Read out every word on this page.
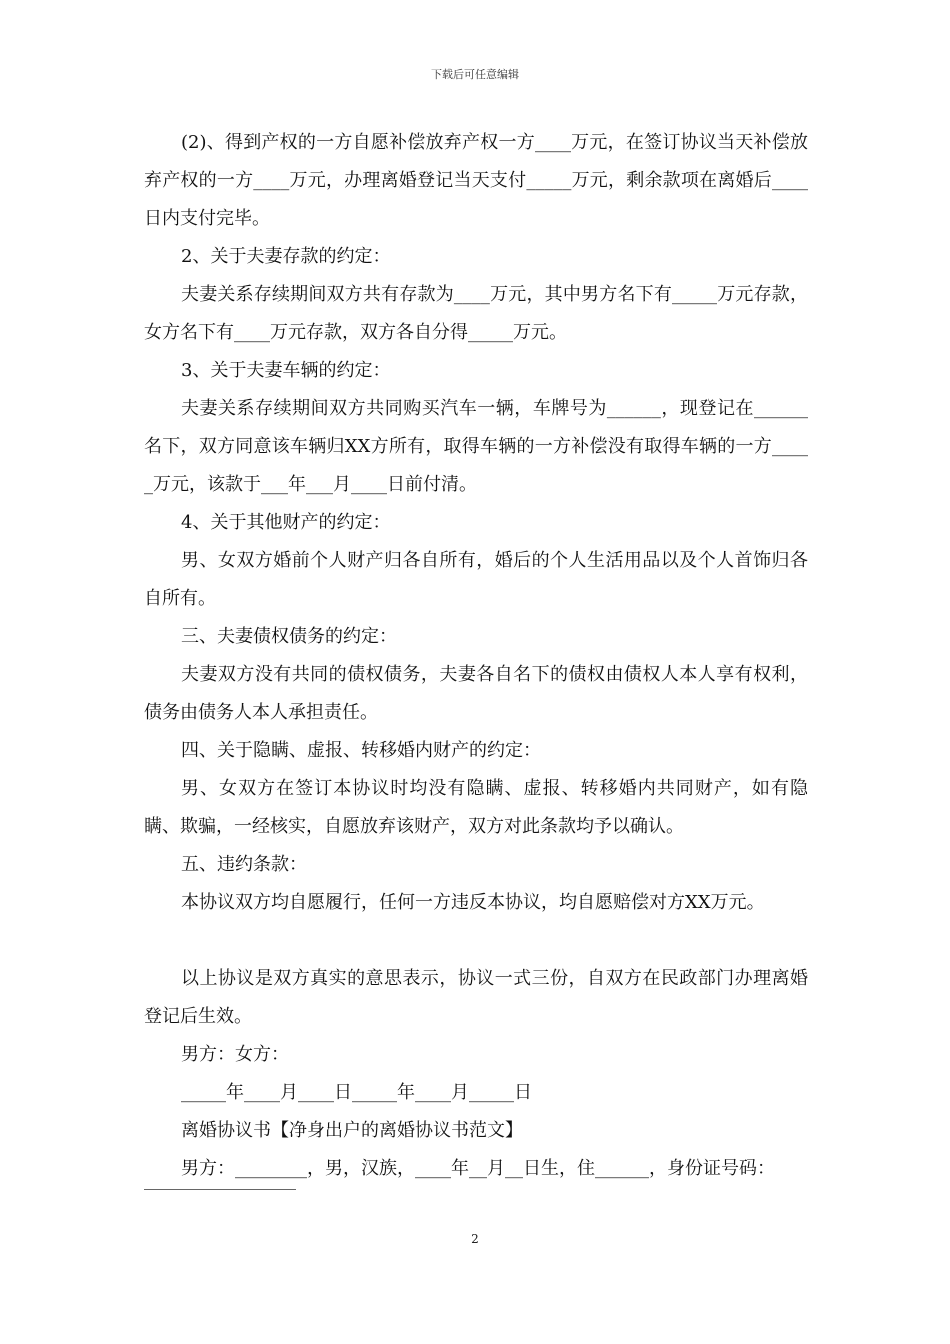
下载后可任意编辑

(2)、得到产权的一方自愿补偿放弃产权一方____万元，在签订协议当天补偿放弃产权的一方____万元，办理离婚登记当天支付_____万元，剩余款项在离婚后____日内支付完毕。

2、关于夫妻存款的约定：

夫妻关系存续期间双方共有存款为____万元，其中男方名下有_____万元存款，女方名下有____万元存款，双方各自分得_____万元。

3、关于夫妻车辆的约定：

夫妻关系存续期间双方共同购买汽车一辆，车牌号为______，现登记在______名下，双方同意该车辆归XX方所有，取得车辆的一方补偿没有取得车辆的一方_____万元，该款于___年___月____日前付清。

4、关于其他财产的约定：

男、女双方婚前个人财产归各自所有，婚后的个人生活用品以及个人首饰归各自所有。

三、夫妻债权债务的约定：

夫妻双方没有共同的债权债务，夫妻各自名下的债权由债权人本人享有权利，债务由债务人本人承担责任。

四、关于隐瞒、虚报、转移婚内财产的约定：

男、女双方在签订本协议时均没有隐瞒、虚报、转移婚内共同财产，如有隐瞒、欺骗，一经核实，自愿放弃该财产，双方对此条款均予以确认。

五、违约条款：

本协议双方均自愿履行，任何一方违反本协议，均自愿赔偿对方XX万元。

以上协议是双方真实的意思表示，协议一式三份，自双方在民政部门办理离婚登记后生效。

男方：女方：

_____年____月____日_____年____月_____日

离婚协议书【净身出户的离婚协议书范文】

男方：________，男，汉族，____年__月__日生，住______，身份证号码：

2
